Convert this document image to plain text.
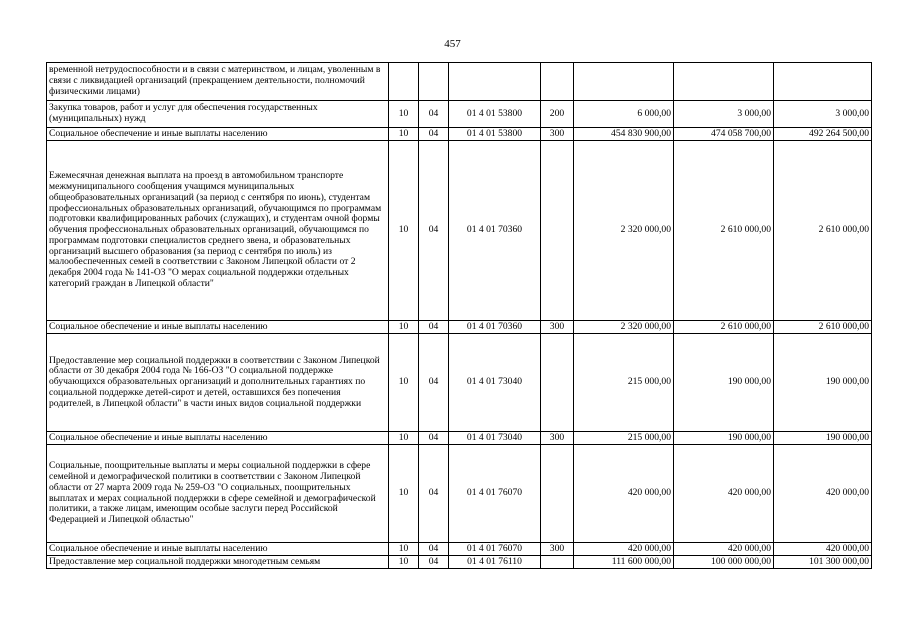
457
временной нетрудоспособности и в связи с материнством, и лицам, уволенным в связи с ликвидацией организаций (прекращением деятельности, полномочий физическими лицами)							
Закупка товаров, работ и услуг для обеспечения государственных (муниципальных) нужд	10	04	01 4 01 53800	200	6 000,00	3 000,00	3 000,00
Социальное обеспечение и иные выплаты населению	10	04	01 4 01 53800	300	454 830 900,00	474 058 700,00	492 264 500,00
Ежемесячная денежная выплата на проезд в автомобильном транспорте межмуниципального сообщения учащимся муниципальных общеобразовательных организаций (за период с сентября по июнь), студентам профессиональных образовательных организаций, обучающимся по программам подготовки квалифицированных рабочих (служащих), и студентам очной формы обучения профессиональных образовательных организаций, обучающимся по программам подготовки специалистов среднего звена, и образовательных организаций высшего образования (за период с сентября по июль) из малообеспеченных семей в соответствии с Законом Липецкой области от 2 декабря 2004 года № 141-ОЗ "О мерах социальной поддержки отдельных категорий граждан в Липецкой области"	10	04	01 4 01 70360		2 320 000,00	2 610 000,00	2 610 000,00
Социальное обеспечение и иные выплаты населению	10	04	01 4 01 70360	300	2 320 000,00	2 610 000,00	2 610 000,00
Предоставление мер социальной поддержки в соответствии с Законом Липецкой области от 30 декабря 2004 года № 166-ОЗ "О социальной поддержке обучающихся образовательных организаций и дополнительных гарантиях по социальной поддержке детей-сирот и детей, оставшихся без попечения родителей, в Липецкой области" в части иных видов социальной поддержки	10	04	01 4 01 73040		215 000,00	190 000,00	190 000,00
Социальное обеспечение и иные выплаты населению	10	04	01 4 01 73040	300	215 000,00	190 000,00	190 000,00
Социальные, поощрительные выплаты и меры социальной поддержки в сфере семейной и демографической политики в соответствии с Законом Липецкой области от 27 марта 2009 года № 259-ОЗ "О социальных, поощрительных выплатах и мерах социальной поддержки в сфере семейной и демографической политики, а также лицам, имеющим особые заслуги перед Российской Федерацией и Липецкой областью"	10	04	01 4 01 76070		420 000,00	420 000,00	420 000,00
Социальное обеспечение и иные выплаты населению	10	04	01 4 01 76070	300	420 000,00	420 000,00	420 000,00
Предоставление мер социальной поддержки многодетным семьям	10	04	01 4 01 76110		111 600 000,00	100 000 000,00	101 300 000,00
